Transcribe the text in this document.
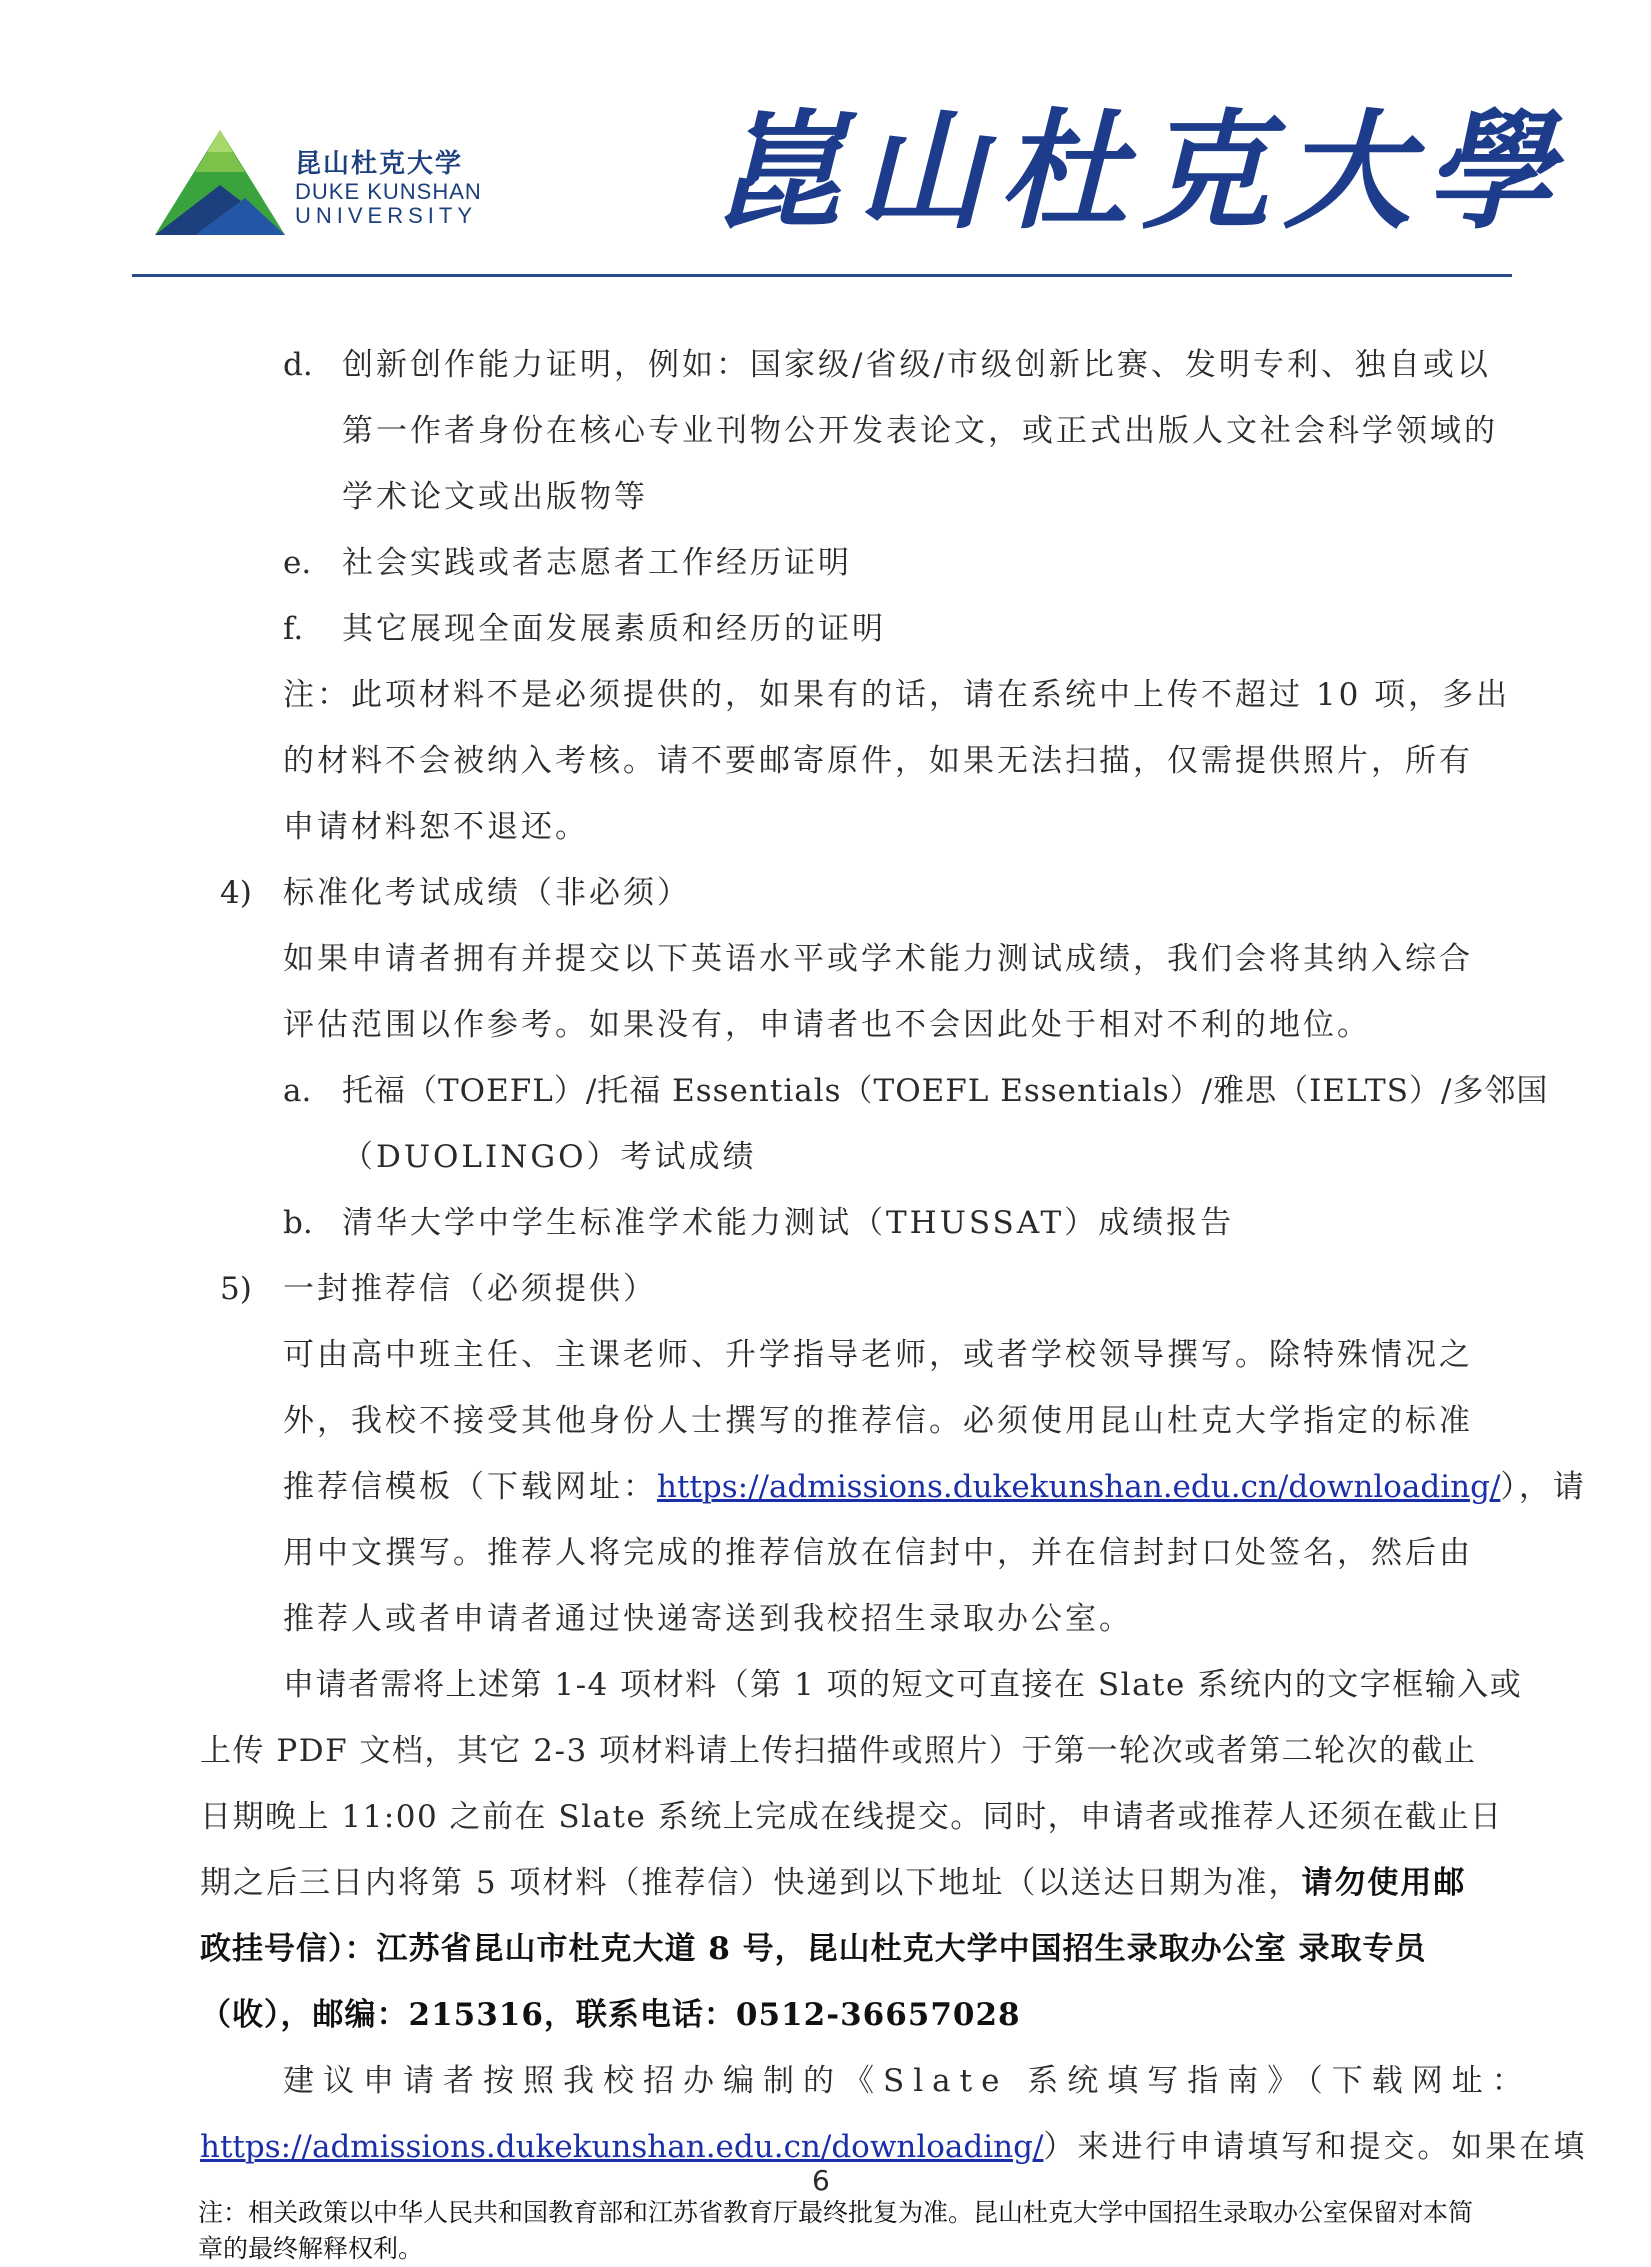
昆山杜克大学
DUKE KUNSHAN
UNIVERSITY 崑山杜克大學
d. 创新创作能力证明，例如：国家级/省级/市级创新比赛、发明专利、独自或以
第一作者身份在核心专业刊物公开发表论文，或正式出版人文社会科学领域的
学术论文或出版物等
e. 社会实践或者志愿者工作经历证明
f. 其它展现全面发展素质和经历的证明
注：此项材料不是必须提供的，如果有的话，请在系统中上传不超过 10 项，多出
的材料不会被纳入考核。请不要邮寄原件，如果无法扫描，仅需提供照片，所有
申请材料恕不退还。
4) 标准化考试成绩（非必须）
如果申请者拥有并提交以下英语水平或学术能力测试成绩，我们会将其纳入综合
评估范围以作参考。如果没有，申请者也不会因此处于相对不利的地位。
a. 托福（TOEFL）/托福 Essentials（TOEFL Essentials）/雅思（IELTS）/多邻国
（DUOLINGO）考试成绩
b. 清华大学中学生标准学术能力测试（THUSSAT）成绩报告
5) 一封推荐信（必须提供）
可由高中班主任、主课老师、升学指导老师，或者学校领导撰写。除特殊情况之
外，我校不接受其他身份人士撰写的推荐信。必须使用昆山杜克大学指定的标准
推荐信模板（下载网址：https://admissions.dukekunshan.edu.cn/downloading/），请
用中文撰写。推荐人将完成的推荐信放在信封中，并在信封封口处签名，然后由
推荐人或者申请者通过快递寄送到我校招生录取办公室。
申请者需将上述第 1-4 项材料（第 1 项的短文可直接在 Slate 系统内的文字框输入或
上传 PDF 文档，其它 2-3 项材料请上传扫描件或照片）于第一轮次或者第二轮次的截止
日期晚上 11:00 之前在 Slate 系统上完成在线提交。同时，申请者或推荐人还须在截止日
期之后三日内将第 5 项材料（推荐信）快递到以下地址（以送达日期为准，请勿使用邮
政挂号信）：江苏省昆山市杜克大道 8 号，昆山杜克大学中国招生录取办公室 录取专员
（收），邮编：215316，联系电话：0512-36657028
建议申请者按照我校招办编制的《Slate 系统填写指南》（下载网址：
https://admissions.dukekunshan.edu.cn/downloading/）来进行申请填写和提交。如果在填
6
注：相关政策以中华人民共和国教育部和江苏省教育厅最终批复为准。昆山杜克大学中国招生录取办公室保留对本简
章的最终解释权利。
